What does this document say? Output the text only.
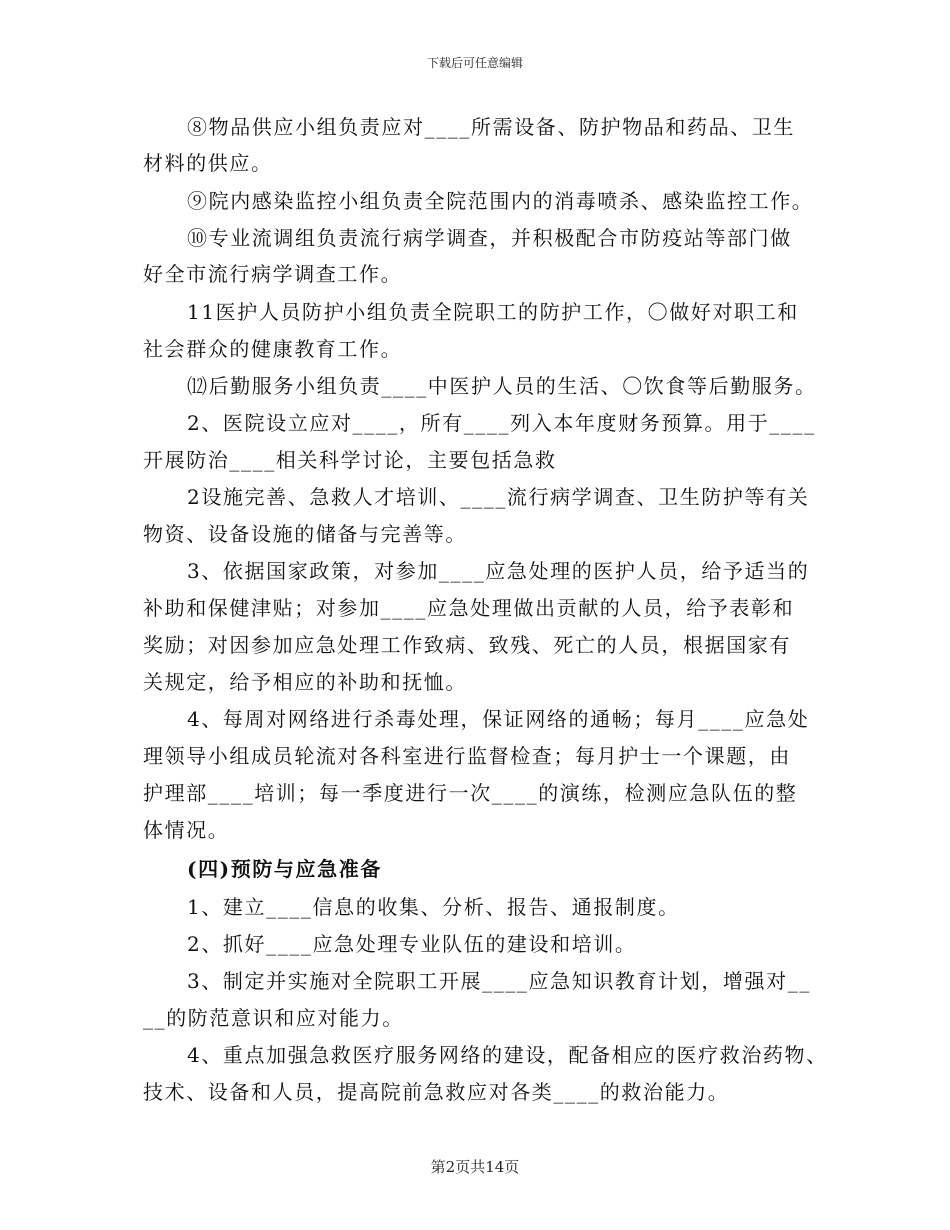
下载后可任意编辑
⑧物品供应小组负责应对____所需设备、防护物品和药品、卫生
材料的供应。
⑨院内感染监控小组负责全院范围内的消毒喷杀、感染监控工作。
⑩专业流调组负责流行病学调查，并积极配合市防疫站等部门做
好全市流行病学调查工作。
11医护人员防护小组负责全院职工的防护工作，〇做好对职工和
社会群众的健康教育工作。
⑿后勤服务小组负责____中医护人员的生活、〇饮食等后勤服务。
2、医院设立应对____，所有____列入本年度财务预算。用于____
开展防治____相关科学讨论，主要包括急救
2设施完善、急救人才培训、____流行病学调查、卫生防护等有关
物资、设备设施的储备与完善等。
3、依据国家政策，对参加____应急处理的医护人员，给予适当的
补助和保健津贴；对参加____应急处理做出贡献的人员，给予表彰和
奖励；对因参加应急处理工作致病、致残、死亡的人员，根据国家有
关规定，给予相应的补助和抚恤。
4、每周对网络进行杀毒处理，保证网络的通畅；每月____应急处
理领导小组成员轮流对各科室进行监督检查；每月护士一个课题，由
护理部____培训；每一季度进行一次____的演练，检测应急队伍的整
体情况。
(四)预防与应急准备
1、建立____信息的收集、分析、报告、通报制度。
2、抓好____应急处理专业队伍的建设和培训。
3、制定并实施对全院职工开展____应急知识教育计划，增强对__
__的防范意识和应对能力。
4、重点加强急救医疗服务网络的建设，配备相应的医疗救治药物、
技术、设备和人员，提高院前急救应对各类____的救治能力。
第2页共14页
